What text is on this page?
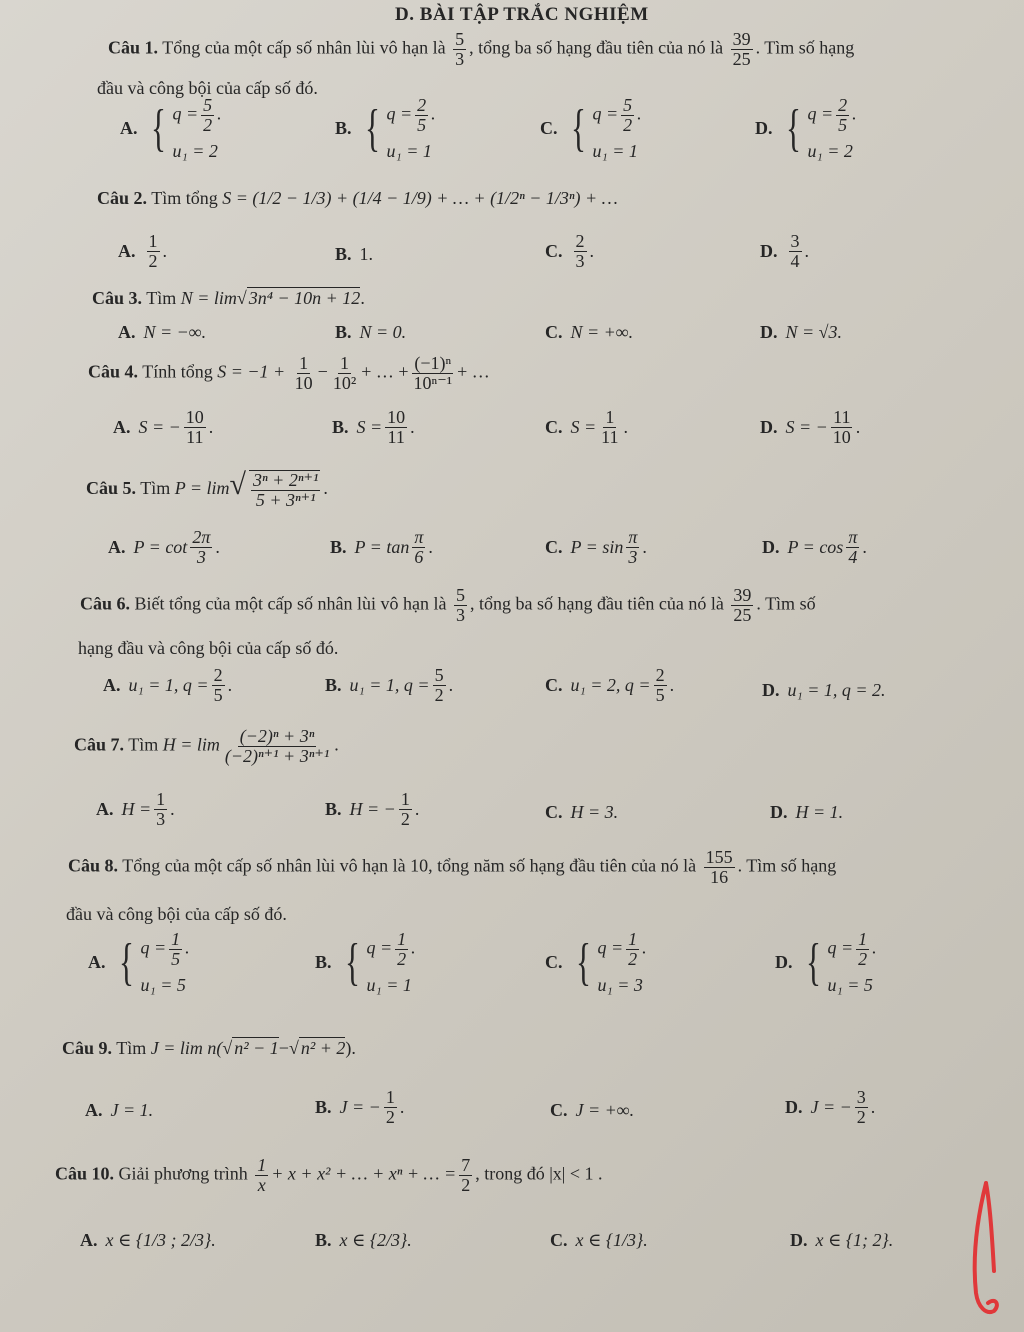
D. BÀI TẬP TRẮC NGHIỆM
Câu 1. Tổng của một cấp số nhân lùi vô hạn là $\frac{5}{3}$ , tổng ba số hạng đầu tiên của nó là $\frac{39}{25}$ . Tìm số hạng
đầu và công bội của cấp số đó.
A. { $q = \frac{5}{2}$ .
u₁ = 2
B. { $q = \frac{2}{5}$ .
u₁ = 1
C. { $q = \frac{5}{2}$ .
u₁ = 1
D. { $q = \frac{2}{5}$ .
u₁ = 2
Câu 2. Tìm tổng S = (1/2 − 1/3) + (1/4 − 1/9) + … + (1/2ⁿ − 1/3ⁿ) + …
A. $\frac{1}{2}$ .	B. 1.	C. $\frac{2}{3}$ .	D. $\frac{3}{4}$ .
Câu 3. Tìm N = lim√ 3n⁴ − 10n + 12.
A. N = −∞.	B. N = 0.	C. N = +∞.	D. N = √3.
Câu 4. Tính tổng $S = -1 + \frac{1}{10} - \frac{1}{\text{10²}}$ + … + $\frac{\text{(−1)ⁿ}}{\text{10ⁿ⁻¹}}$ + …
A. S = − $\frac{10}{11}$ .	B. $S = \frac{10}{11}$ .	C. $S = \frac{1}{11}$ .	D. S = − $\frac{11}{10}$ .
Câu 5. Tìm $P = \lim√ \frac{\text{3ⁿ + 2ⁿ⁺¹}}{\text{5 + 3ⁿ⁺¹}}$ .
A. $P = \cot \frac{2\pi}{3}$ .	B. $P = \tan \frac{\pi}{6}$ .	C. $P = \sin \frac{\pi}{3}$ .	D. $P = \cos \frac{\pi}{4}$ .
Câu 6. Biết tổng của một cấp số nhân lùi vô hạn là $\frac{5}{3}$ , tổng ba số hạng đầu tiên của nó là $\frac{39}{25}$ . Tìm số
hạng đầu và công bội của cấp số đó.
A. u₁ = 1, $q = \frac{2}{5}$ .	B. u₁ = 1, $q = \frac{5}{2}$ .	C. u₁ = 2, $q = \frac{2}{5}$ .	D. u₁ = 1, q = 2.
Câu 7. Tìm $H = \lim \frac{\text{(−2)ⁿ + 3ⁿ}}{\text{(−2)ⁿ⁺¹ + 3ⁿ⁺¹}}$ .
A. $H = \frac{1}{3}$ .	B. H = − $\frac{1}{2}$ .	C. H = 3.	D. H = 1.
Câu 8. Tổng của một cấp số nhân lùi vô hạn là 10, tổng năm số hạng đầu tiên của nó là $\frac{155}{16}$ . Tìm số hạng
đầu và công bội của cấp số đó.
A. { $q = \frac{1}{5}$ .
u₁ = 5
B. { $q = \frac{1}{2}$ .
u₁ = 1
C. { $q = \frac{1}{2}$ .
u₁ = 3
D. { $q = \frac{1}{2}$ .
u₁ = 5
Câu 9. Tìm J = lim n(√ n² − 1−√ n² + 2).
A. J = 1.	B. J = − $\frac{1}{2}$ .	C. J = +∞.	D. J = − $\frac{3}{2}$ .
Câu 10. Giải phương trình $\frac{1}{x} + x + x^2$ + … + xⁿ + … = $\frac{7}{2}$ , trong đó |x| < 1 .
A. x ∈ {1/3 ; 2/3}.	B. x ∈ {2/3}.	C. x ∈ {1/3}.	D. x ∈ {1; 2}.
